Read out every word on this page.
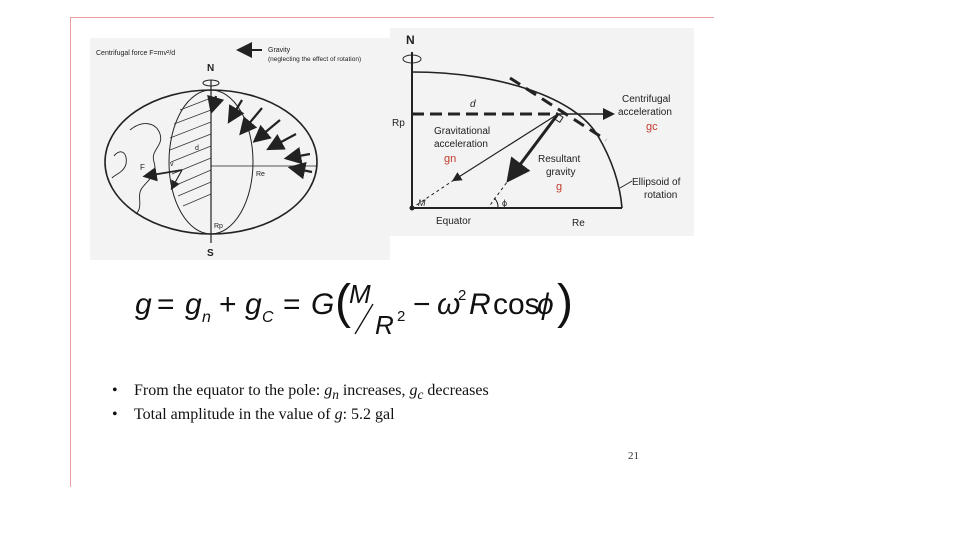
Centrifugal force F=mv²/d	Gravity
(neglecting the effect of rotation)
N
F	v
d
Re
Rp
S
N
Rp
d	Centrifugal
acceleration
gc
Gravitational
acceleration
gn	Resultant
gravity
g	Ellipsoid of
rotation
M	ϕ
Equator	Re
g = g n + g C = G (
M
R 2 − ω
2 R cos
ϕ )
•	From the equator to the pole: $g_n$ increases, $g_c$ decreases
•	Total amplitude in the value of g: 5.2 gal
21
